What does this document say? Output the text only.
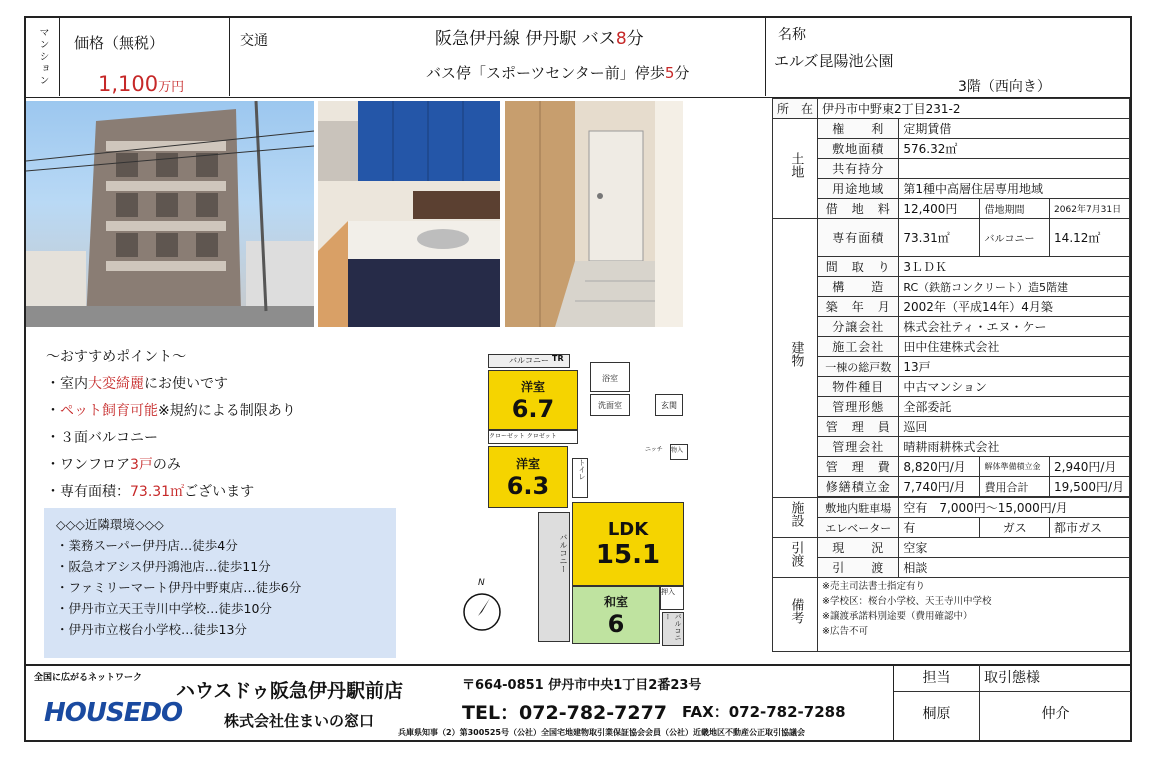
マンション 価格（無税）
1,100万円
交通	阪急伊丹線 伊丹駅 バス8分
バス停「スポーツセンター前」停歩5分
名称
エルズ昆陽池公園
3階（西向き）
～おすすめポイント～
・室内大変綺麗にお使いです
・ペット飼育可能※規約による制限あり
・３面バルコニー
・ワンフロア3戸のみ
・専有面積：73.31㎡ございます
◇◇◇近隣環境◇◇◇
・業務スーパー伊丹店…徒歩4分
・阪急オアシス伊丹鴻池店…徒歩11分
・ファミリーマート伊丹中野東店…徒歩6分
・伊丹市立天王寺川中学校…徒歩10分
・伊丹市立桜台小学校…徒歩13分
バルコニー TR
洋室
6.7
クローゼット クロゼット
洋室
6.3
浴室
洗面室	玄関
物入
ニッチ
トイレ
LDK
15.1
和室
6
押入
バルコニー
バルコニー
N
所　在	伊丹市中野東2丁目231-2			
土地	権　　利	定期賃借		
	敷地面積	576.32㎡		
	共有持分			
	用途地域	第1種中高層住居専用地域		
	借　地　料	12,400円	借地期間	2062年7月31日
建物	専有面積	73.31㎡	バルコニー	14.12㎡
	間　取　り	3ＬＤＫ		
	構　　造	RC（鉄筋コンクリート）造5階建		
	築　年　月	2002年（平成14年）4月築		
	分譲会社	株式会社ティ・エヌ・ケー		
	施工会社	田中住建株式会社		
	一棟の総戸数	13戸		
	物件種目	中古マンション		
	管理形態	全部委託		
	管　理　員	巡回		
	管理会社	晴耕雨耕株式会社		
	管　理　費	8,820円/月	解体準備積立金	2,940円/月
	修繕積立金	7,740円/月	費用合計	19,500円/月

施設	敷地内駐車場	空有　7,000円〜15,000円/月		
	エレベーター	有	ガス	都市ガス
引渡	現　　況	空家		
	引　　渡	相談		
備考	※売主司法書士指定有り
※学校区：桜台小学校、天王寺川中学校
※譲渡承諾料別途要（費用確認中）
※広告不可			
全国に広がるネットワーク
HOUSEDO
ハウスドゥ阪急伊丹駅前店
株式会社住まいの窓口
〒664-0851 伊丹市中央1丁目2番23号
TEL：072-782-7277 FAX：072-782-7288
兵庫県知事（2）第300525号（公社）全国宅地建物取引業保証協会会員（公社）近畿地区不動産公正取引協議会
担当	取引態様
桐原	仲介
